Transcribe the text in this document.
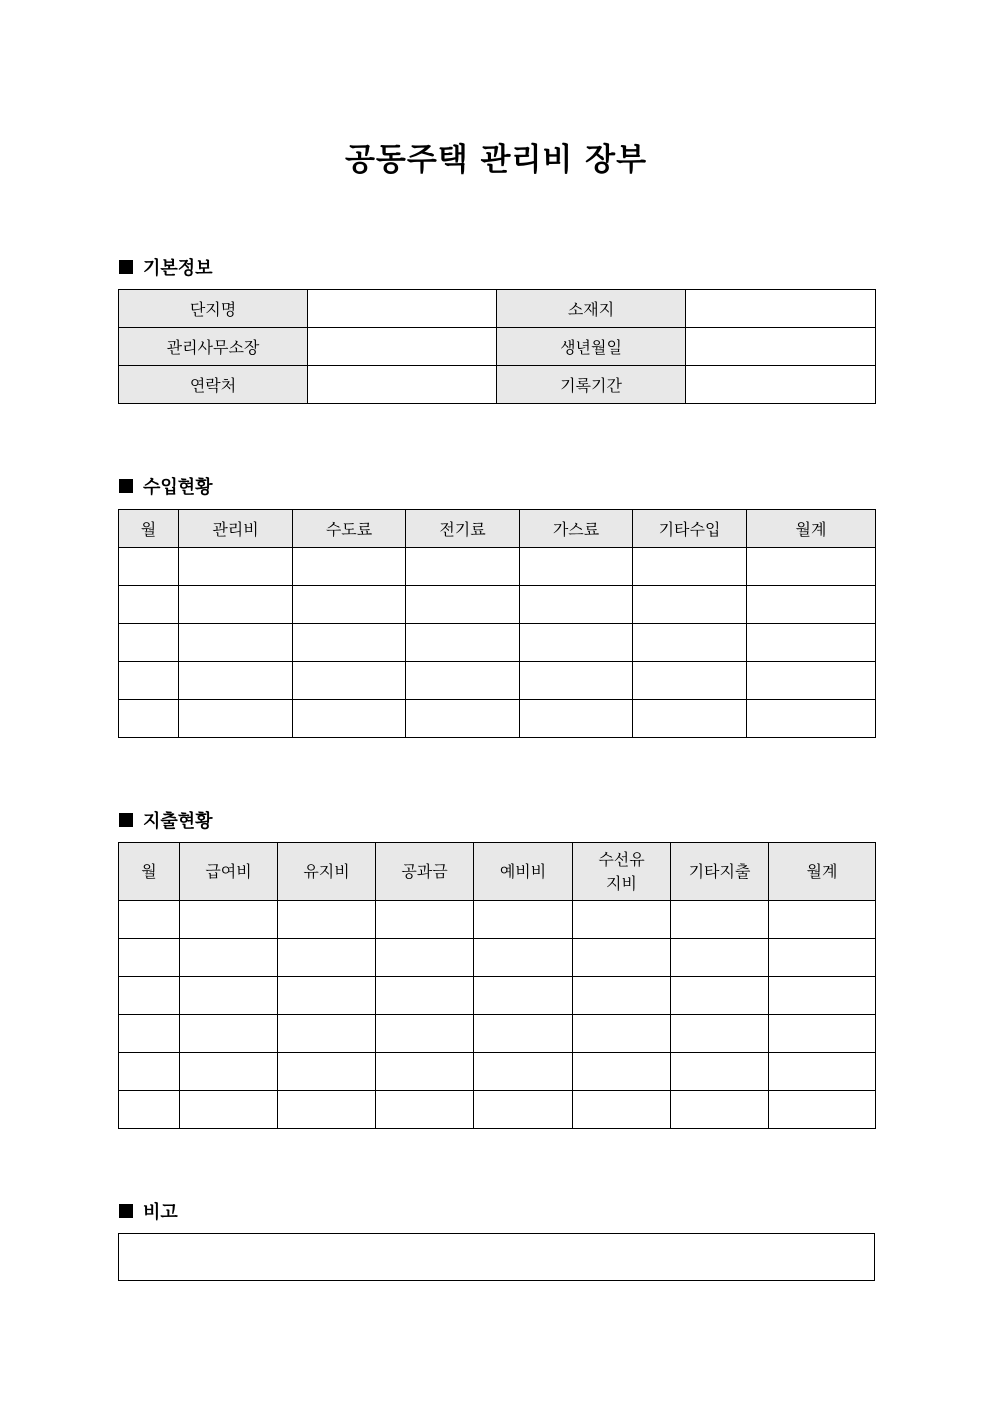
공동주택 관리비 장부
기본정보
단지명		소재지	
관리사무소장		생년월일	
연락처		기록기간	
수입현황
월	관리비	수도료	전기료	가스료	기타수입	월계

지출현황
월	급여비	유지비	공과금	예비비	수선유지비	기타지출	월계

비고
